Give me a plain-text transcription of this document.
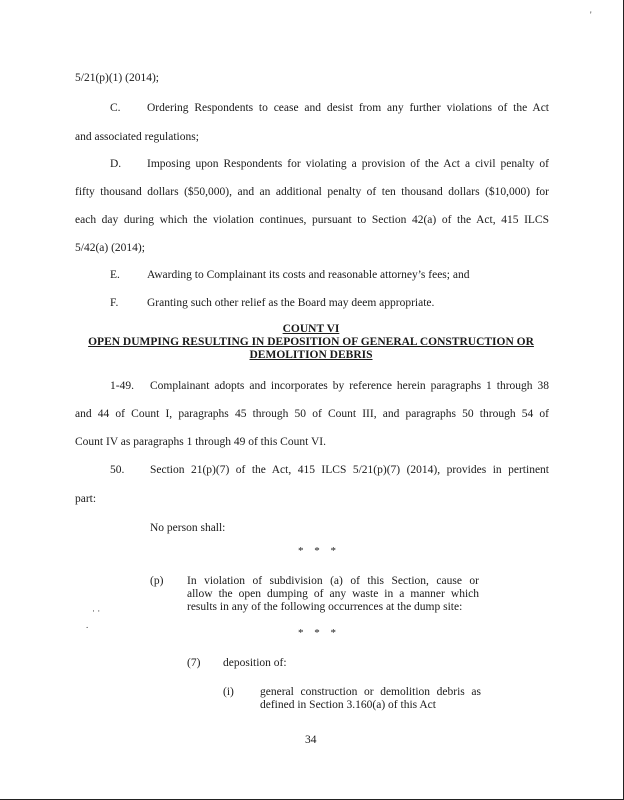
'
· ·
.
5/21(p)(1) (2014);
C. Ordering Respondents to cease and desist from any further violations of the Act
and associated regulations;
D. Imposing upon Respondents for violating a provision of the Act a civil penalty of
fifty thousand dollars ($50,000), and an additional penalty of ten thousand dollars ($10,000) for
each day during which the violation continues, pursuant to Section 42(a) of the Act, 415 ILCS
5/42(a) (2014);
E. Awarding to Complainant its costs and reasonable attorney’s fees; and
F. Granting such other relief as the Board may deem appropriate.
COUNT VI
OPEN DUMPING RESULTING IN DEPOSITION OF GENERAL CONSTRUCTION OR
DEMOLITION DEBRIS
1-49. Complainant adopts and incorporates by reference herein paragraphs 1 through 38
and 44 of Count I, paragraphs 45 through 50 of Count III, and paragraphs 50 through 54 of
Count IV as paragraphs 1 through 49 of this Count VI.
50. Section 21(p)(7) of the Act, 415 ILCS 5/21(p)(7) (2014), provides in pertinent
part:
No person shall:
* * *
(p) In violation of subdivision (a) of this Section, cause or
allow the open dumping of any waste in a manner which
results in any of the following occurrences at the dump site:
* * *
(7) deposition of:
(i) general construction or demolition debris as
defined in Section 3.160(a) of this Act
34
